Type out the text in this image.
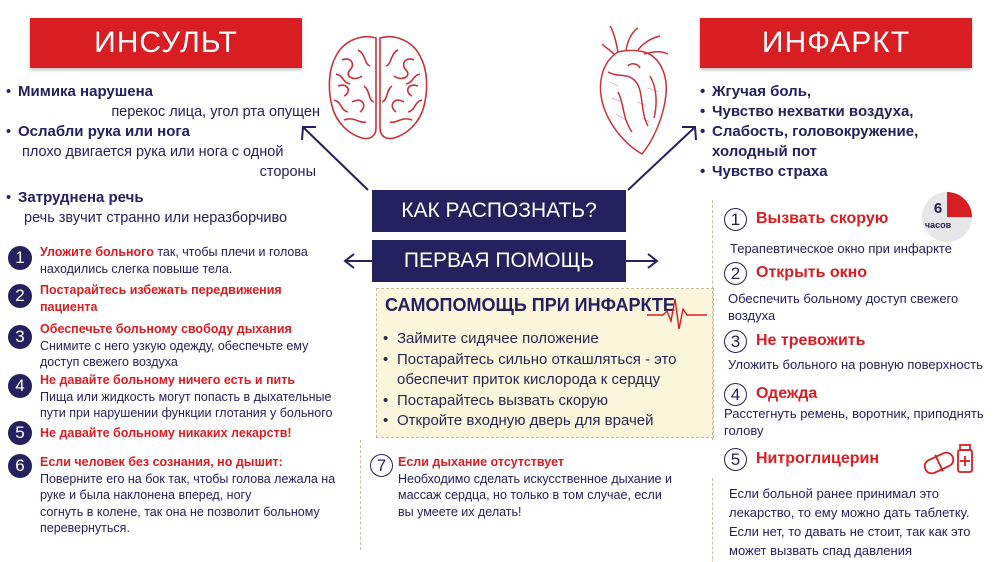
ИНСУЛЬТ	ИНФАРКТ
• Мимика нарушена
перекос лица, угол рта опущен
• Ослабли рука или нога
плохо двигается рука или нога с одной
стороны
• Затруднена речь
речь звучит странно или неразборчиво
• Жгучая боль,
• Чувство нехватки воздуха,
• Слабость, головокружение,
холодный пот
• Чувство страха
КАК РАСПОЗНАТЬ?
ПЕРВАЯ ПОМОЩЬ
1	Уложите больного так, чтобы плечи и голова
находились слегка повыше тела.
2	Постарайтесь избежать передвижения
пациента
3	Обеспечьте больному свободу дыхания
Снимите с него узкую одежду, обеспечьте ему
доступ свежего воздуха
4	Не давайте больному ничего есть и пить
Пища или жидкость могут попасть в дыхательные
пути при нарушении функции глотания у больного
5	Не давайте больному никаких лекарств!
6	Если человек без сознания, но дышит:
Поверните его на бок так, чтобы голова лежала на
руке и была наклонена вперед, ногу
согнуть в колене, так она не позволит больному
перевернуться.
САМОПОМОЩЬ ПРИ ИНФАРКТЕ
• Займите сидячее положение
• Постарайтесь сильно откашляться - это
обеспечит приток кислорода к сердцу
• Постарайтесь вызвать скорую
• Откройте входную дверь для врачей
7 Если дыхание отсутствует
Необходимо сделать искусственное дыхание и
массаж сердца, но только в том случае, если
вы умеете их делать!
1 Вызвать скорую
Терапевтическое окно при инфаркте
6
часов
2 Открыть окно
Обеспечить больному доступ свежего
воздуха
3 Не тревожить
Уложить больного на ровную поверхность
4 Одежда
Расстегнуть ремень, воротник, приподнять
голову
5 Нитроглицерин
Если больной ранее принимал это
лекарство, то ему можно дать таблетку.
Если нет, то давать не стоит, так как это
может вызвать спад давления
